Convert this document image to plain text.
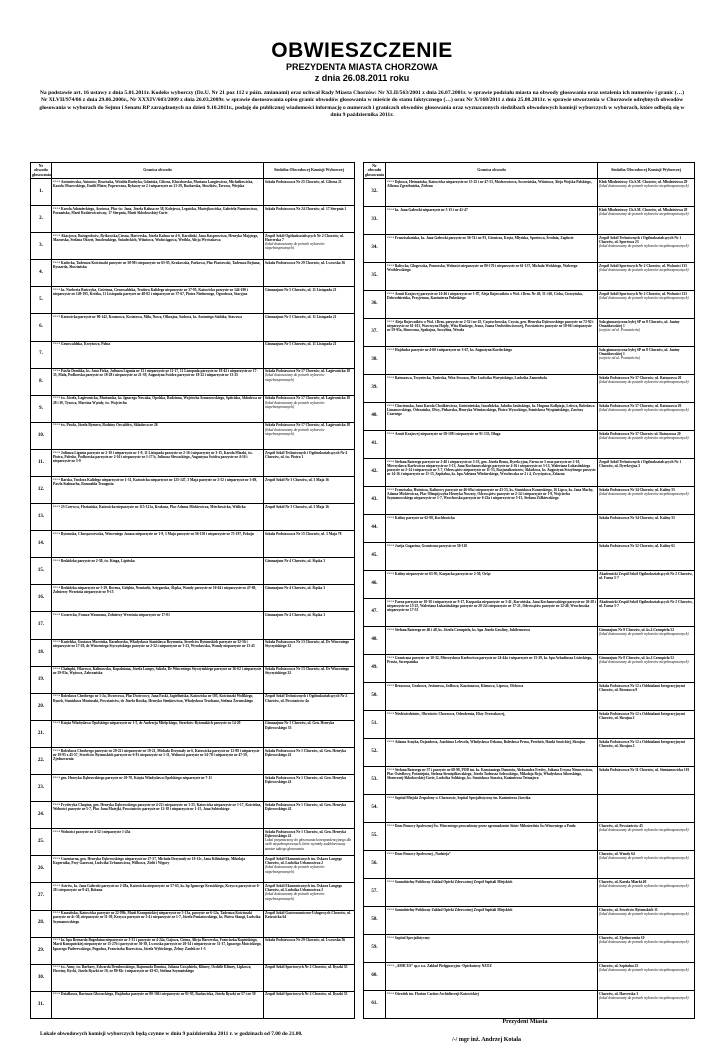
OBWIESZCZENIE
PREZYDENTA MIASTA CHORZOWA
z dnia 26.08.2011 roku
Na podstawie art. 16 ustawy z dnia 5.01.2011r. Kodeks wyborczy (Dz.U. Nr 21 poz 112 z późn. zmianami) oraz uchwał Rady Miasta Chorzów: Nr XLII/563/2001 z dnia 26.07.2001r. w sprawie podziału miasta na obwody głosowania oraz ustalenia ich numerów i granic (…) Nr XLVII/974/06 z dnia 29.06.2006r., Nr XXXIV/603/2009 z dnia 26.03.2009r. w sprawie dostosowania opisu granic obwodów głosowania w mieście do stanu faktycznego (…) oraz Nr X/168/2011 z dnia 25.08.2011r. w sprawie utworzenia w Chorzowie odrębnych obwodów głosowania w wyborach do Sejmu i Senatu RP zarządzonych na dzień 9.10.2011r., podaję do publicznej wiadomości informację o numerach i granicach obwodów głosowania oraz wyznaczonych siedzibach obwodowych komisji wyborczych w wyborach, które odbędą się w dniu 9 października 2011r.
Nr obwodu głosowania	Granica obwodu	Siedziba Obwodowej Komisji Wyborczej
1.	$^{UL/C4}$Antoniewska, Antonów, Braciszka, Witolda Budryka, Gdańska, Gliwna, Kluczborska, Mariana Langiewicza, Michałkowicka, Karola Olszewskiego, Emilii Plater, Poprzeczna, Rybaczy nr 2 i nieparzyste nr 21-29, Rozbarska, Słowików, Torowa, Wiejska	Szkoła Podstawowa Nr 25 Chorzów, ul. Gliwna 21

2.	$^{UL/C4}$Karola Adamieckiego, Azotowa, Plac św. Jana, Józefa Kalusa nr 38, Kolejowa, Legnicka, Maciejkowicka, Gabriela Narutowicza, Poznańska, Marii Rodziewiczówny, 17 Sierpnia, Marii Skłodowskiej-Curie	Szkoła Podstawowa Nr 24 Chorzów, ul. 17 Sierpnia 1

3.	$^{UL/C4}$Akacjowa, Bożogrobców, Bytkowska,Ciesna, Harcerska, Józefa Kalusa nr 4-6, Karolinki, Jana Kasprowicza, Henryka Majętego, Mazurska, Stefana Okrzei, Smolenskiego, Śniadeckich, Wiśniowa, Wodociągowa, Wróbla, Alicja Wyciszkowa	Zespół Szkół Ogólnokształcących Nr 2 Chorzów, ul. Harcerska 7
(lokal dostosowany do potrzeb wyborców niepełnosprawnych)

4.	$^{UL/C4}$Kadecka, Tadeusza Kościuszki parzyste nr 38-98 i nieparzyste nr 65-95, Krakowska, Parkowa, Plac Piastowski, Tadeusza Rejtana, Ryszarda, Słowiańska	Szkoła Podstawowa Nr 29 Chorzów, ul. Lwowska 36

5.	$^{UL/C4}$ks. Norberta Bończyka, Gościnna, Grunwaldzka, Teodora Kalidego nieparzyste nr 37-95, Katowicka parzyste nr 144-190 i nieparzyste nr 149-195, Krótka, 11 Listopada parzyste nr 48-82 i nieparzyste nr 37-67, Piotra Niedurnego, Ogrodowa, Stacyjna	Gimnazjum Nr 5 Chorzów, ul. 11 Listopada 21

6.	$^{UL/C4}$Katowicka parzyste nr 90-142, Krasnowa, Kwiatowa, Mila, Nowa, Olkrajna, Sadowa, ks. Antoniego Stabika, Stawowa	Gimnazjum Nr 5 Chorzów, ul. 11 Listopada 21

7.	$^{UL/C4}$Grunwaldzka, Krzyżowa, Polna	Gimnazjum Nr 5 Chorzów, ul. 11 Listopada 21

8.	$^{UL/C4}$Pawła Dombka, ks. Jana Ficka, Juliusza Ligonia nr 12 i nieparzyste nr 11-17, 11 Listopada parzyste nr 18-42 i nieparzyste nr 17-35, Mała, Podhorska parzyste nr 18-28 i nieparzyste nr 21-39, Augustyna Świdra parzyste nr 18-22 i nieparzyste nr 13-25	Szkoła Podstawowa Nr 17 Chorzów, ul. Łagiewnicka 18
(lokal dostosowany do potrzeb wyborców niepełnosprawnych)

9.	$^{UL/C4}$św. Józefa, Łagiewnicka, Marianska, ks. Ignacego Nowaka, Opolska, Rodzinna, Wojciecha Szmarowskiego, Spiściska, Skłodowa nr 28 i 30, Tyzowa, Marcina Wątuły, św. Wojciecha	Szkoła Podstawowa Nr 17 Chorzów, ul. Łagiewnicka 18
(lokal dostosowany do potrzeb wyborców niepełnosprawnych)

10.	$^{UL/C4}$św. Pawła, Józefa Rymera, Rodziny Oswaldów, Składowa nr 26	Szkoła Podstawowa Nr 17 Chorzów, ul. Łagiewnicka 18
(lokal dostosowany do potrzeb wyborców niepełnosprawnych)

11.	$^{UL/C4}$Juliusza Ligonia parzyste nr 2-10 i nieparzyste nr 1-9, 11 Listopada parzyste nr 2-16 i nieparzyste nr 3-15, Karola Miarki, św. Piotra, Polesko, Podhorska parzyste nr 2-16 i nieparzyste nr 1-17 b, Juliusza Słowackiego, Augustyna Świdra parzyste nr 4-16 i nieparzyste nr 3-9	Zespół Szkół Technicznych i Ogólnokształcących Nr 4 Chorzów, ul. św. Piotra 1

12.	$^{UL/C4}$Barska, Teodora Kalidego nieparzyste nr 1-31, Katowicka nieparzyste nr 125-147, 3 Maja parzyste nr 2-52 i nieparzyste nr 3-69, Pawła Stalmacha, Romualda Traugutta	Zespół Szkół Nr 3 Chorzów, ul. 3 Maja 16

13.	$^{UL/C4}$23 Czerwca, Floriańska, Katowicka nieparzyste nr 115-121a, Krakusa, Plac Adama Mickiewicza, Miechowicka, Wiślicka	Zespół Szkół Nr 3 Chorzów, ul. 3 Maja 16

14.	$^{UL/C4}$Bytomska, Chrząszczewska, Wincentego Janasa nieparzyste nr 1-9, 3 Maja parzyste nr 56-158 i nieparzyste nr 75-197, Pokoju	Szkoła Podstawowa Nr 15 Chorzów, ul. 3 Maja 78

15.	$^{UL/C4}$Beskidzka parzyste nr 2-38, św. Kinga, Lipińska	Gimnazjum Nr 4 Chorzów, ul. Śląska 3

16.	$^{UL/C4}$Beskidzka nieparzyste nr 5-29, Bocena, Gołębia, Nomiarki, Sztygarska, Śląska, Wandy parzyste nr 16-64 i nieparzyste nr 47-69, Żołnierzy Września nieparzyste nr 9-15	Gimnazjum Nr 4 Chorzów, ul. Śląska 3

17.	$^{UL/C4}$Gwarecka, Franza Waxmana, Żołnierzy Września nieparzyste nr 17-81	Gimnazjum Nr 4 Chorzów, ul. Śląska 3

18.	$^{UL/C4}$Kozielska, Gustawa Morcinka, Racиborska, Władysława Stanisława Reymonta, Strzelców Bytomskich parzyste nr 32-56 i nieparzyste nr 17-29, dr Wincentego Styczyńskiego parzyste nr 2-32 i nieparzyste nr 1-23, Wrocławska, Wandy nieparzyste nr 13-43	Szkoła Podstawowa Nr 13 Chorzów, ul. Dr Wincentego Styczyńskiego 32

19.	$^{UL/C4}$Chałupki, Filarowa, Kalinowska, Kopalniana, Józefa Lompy, Sokola, Dr Wincentego Styczyńskiego parzyste nr 36-62 i nieparzyste nr 29-83a, Wężowa, Zabrzańska	Szkoła Podstawowa Nr 13 Chorzów, ul. Dr Wincentego Styczyńskiego 32

20.	$^{UL/C4}$Bolesława Chrobrego nr 1-2a, Dworcowa, Plac Dwórcowy, Jana Faski, Jagiellońska, Katowicka nr 105, Kościuszki Wolfkiego, Rynek, Stanisława Moniuszki, Powstańców, dr Józefa Rostka, Henryka Sienkiewicza, Władysława Truchana, Stefana Żeromskiego	Zespół Szkół Technicznych i Ogólnokształcących Nr 2 Chorzów, ul. Powstańców 4a

21.	$^{UL/C4}$Księża Władysława Opolskiego nieparzyste nr 1-5, dr Andrzeja Mielęckiego, Strzelców Bytomskich parzyste nr 14-20	Gimnazjum Nr 1 Chorzów, ul. Gen. Henryka Dąbrowskiego 33

22.	$^{UL/C4}$Bolesława Chrobrego parzyste nr 20-22 i nieparzyste nr 19-21, Michała Drzymały nr 6, Katowicka parzyste nr 12-88 i nieparzyste nr 19-95 z 45-57, Strzelców Bytomskich parzyste nr 6-8 i nieparzyste nr 1-11, Wolności parzyste nr 54-78 i nieparzyste nr 47-59, Zjednoczenia	Szkoła Podstawowa Nr 1 Chorzów, ul. Gen. Henryka Dąbrowskiego 41

23.	$^{UL/C4}$gen. Henryka Dąbrowskiego parzyste nr 20-70, Księża Władysława Opolskiego nieparzyste nr 7-11	Szkoła Podstawowa Nr 1 Chorzów, ul. Gen. Henryka Dąbrowskiego 41

24.	$^{UL/C4}$Fryderyka Chopina, gen. Henryka Dąbrowskiego parzyste nr 4-22 i nieparzyste nr 1-25, Katowicka nieparzyste nr 1-17, Kościelna, Wolności parzyste nr 5-7, Plac Jana Matejki, Powstańców parzyste nr 12-18 i nieparzyste nr 1-15, Jana Sobieskiego	Szkoła Podstawowa Nr 1 Chorzów, ul. Gen. Henryka Dąbrowskiego 41

25.	$^{UL/C4}$Wolności parzyste nr 4-52 i nieparzyste 1-45a	Szkoła Podstawowa Nr 1 Chorzów, ul. Gen. Henryka Dąbrowskiego 41
Lokal przyznaczony do głosowania korespondencyjnego dla osób niepełnosprawnych, które wyraziły zadeklarowany zamiar takiego głosowania

26.	$^{UL/C4}$Cmentarna, gen. Henryka Dąbrowskiego nieparzyste nr 27-57, Michała Drzymały nr 10-12c, Jana Kilińskiego, Mikołaja Kopernika, Przy Gazowni, Ludwika Urbanowicza, Wilhowa, Zielii i Wigory	Zespół Szkół Ekonomicznych im. Oskara Langego Chorzów, ul. Ludwika Urbanowicza 2
(lokal dostosowany do potrzeb wyborców niepełnosprawnych)

27.	$^{UL/C4}$Astrów, ks. Jana Gałeczki parzyste nr 2-28a, Katowicka nieparzyste nr 57-65, ks. bp Ignacego Krasickiego, Krzywa parzyste nr 6-28 i nieparzyste nr 9-43, Różana	Zespół Szkół Ekonomicznych im. Oskara Langego Chorzów, ul. Ludwika Urbanowicza 2
(lokal dostosowany do potrzeb wyborców niepełnosprawnych)

28.	$^{UL/C4}$Kaszubska, Katowicka parzyste nr 22-80b, Marii Konopnickiej nieparzyste nr 5-13a, parzyste nr 6-12a, Tadeusza Kościuszki parzyste nr 4c-30, nieparzyste nr 11-39, Krzywa parzyste nr 2-4 i nieparzyste nr 1-7, Józefa Poniatowskiego, ks. Piotra Skargi, Ludwika Szymanowskiego	Zespół Szkół Gastronomiczno-Usługowych Chorzów, ul. Katowicka 64

29.	$^{UL/C4}$ks. bpa Bernarda Bogedaina nieparzyste nr 3-31 i parzyste nr 4-24a, Gajowa, Górna, Alicja Harcerska, Franciszka Kopińskiego, Marii Konopnickiej nieparzyste nr 15-27b i parzyste nr 30-38, Lwowska parzyste nr 20-34 i nieparzyste nr 31-37, Ignacego Mościckiego, Ignacego Paderewskiego, Pugodna, Franciszka Rozewicza, Józefa Wybickiego, Żelmy Zaulek nr 1-3	Szkoła Podstawowa Nr 29 Chorzów, ul. Lwowska 36

30.	$^{UL/C4}$św. Anny, św. Barbary, Edwarda Dembowskiego, Rajmunda Domina, Juliana Grządziela, Klimey, Ozdolle Klimey, Lipkowa, Hoceiny, Rycki, Józefa Ryszki nr 10, nr 80-82c i nieparzyste nr 63-65, Stefana Szymańskiego	Zespół Szkół Sportowych Nr 2 Chorzów, ul. Ryszki 55

31.	$^{UL/C4}$Działkowa, Bartosza Głowackiego, Hajducka parzyste nr 80-104 i nieparzyste nr 91-95, Racławicka, Józefa Ryszki nr 57 i nr 59	Zespół Szkół Sportowych Nr 2 Chorzów, ul. Ryszki 55
Nr obwodu głosowania	Granica obwodu	Siedziba Obwodowej Komisji Wyborczej
32.	$^{UL/C4}$Dębowa, Hetmańska, Katowicka nieparzyste nr 15-25 i nr 47-53, Modrzewiowa, Szczecińska, Wiśniowa, Aleja Wojska Polskiego, Alfonsa Zgrzebnioka, Zielona	Klub Młodzieżowy Ch.S.M. Chorzów, ul. Młodzieżowa 29
(lokal dostosowany do potrzeb wyborców niepełnosprawnych)

33.	$^{UL/C4}$ks. Jana Gałeczki nieparzyste nr 5-15 i nr 41-47	Klub Młodzieżowy Ch.S.M. Chorzów, ul. Młodzieżowa 29
(lokal dostosowany do potrzeb wyborców niepełnosprawnych)

34.	$^{UL/C4}$Franciszkańska, ks. Jana Gałeczki parzyste nr 36-74 i nr 93, Górnicza, Kręta, Młyńska, Sportowa, Środnia, Zapłocie	Zespół Szkół Technicznych i Ogólnokształcących Nr 1 Chorzów, ul. Sportowa 23
(lokal dostosowany do potrzeb wyborców niepełnosprawnych)

35.	$^{UL/C4}$Baltycka, Głogowska, Pomorska, Wolności nieparzyste nr 80-176 i nieparzyste nr 61-137, Michała Wolskiego, Walerego Wróblewskiego	Zespół Szkół Sportowych Nr 2 Chorzów, ul. Wolności 133
(lokal dostosowany do potrzeb wyborców niepełnosprawnych)

36.	$^{UL/C4}$Armii Krajowej parzyste nr 16-46 i nieparzyste nr 1-87, Aleja Bojowników o Wol. i Dem. Nr 49, 51 i 60, Cicha, Cieszyńska, Dobrodzieńska, Przyjemna, Kazimierza Pułaskiego	Zespół Szkół Sportowych Nr 2 Chorzów, ul. Wolności 133
(lokal dostosowany do potrzeb wyborców niepełnosprawnych)

37.	$^{UL/C4}$Aleja Bojowników o Wol. i Dem. parzyste nr 2-52 i nr 45, Częstochowska, Czysta, gen. Henryka Dąbrowskiego parzyste nr 72-92 i nieparzyste nr 61-101, Wawrzyna Hajdy, Wita Hankego, Jesna, Juana Ondwidowiczowej, Powstańców parzyste nr 50-66 i nieparzyste nr 59-95a, Słoneczna, Spokojna, Szczylina, Wesoła	Sala gimnastyczna byłej SP nr 8 Chorzów, ul. Janiny Omańkowskiej 1
(wejście od ul. Powstańców)

38.	$^{UL/C4}$Hajducka parzyste nr 4-60 i nieparzyste nr 3-67, ks. Augustyna Kordeckiego	Sala gimnastyczna byłej SP nr 8 Chorzów, ul. Janiny Omańkowskiej 1
(wejście od ul. Powstańców)

39.	$^{UL/C4}$Ratuszowa, Trzyniecka, Tyniecka, Wita Stwosza, Plac Ludwika Waryńskiego, Ludwika Zamenhofa	Szkoła Podstawowa Nr 37 Chorzów, ul. Ratuszowa 20
(lokal dostosowany do potrzeb wyborców niepełnosprawnych)

40.	$^{UL/C4}$Chociemska, Jana Karola Chodkiewicza, Gnieźnieńska, Inwalidzka, Jakuba Jasińskiego, ks. Hugona Kołłątaja, Lelewa, Bolesława Limanowskiego, Odrzańska, Olwy, Piekarska, Henryka Wieniawskiego, Piotra Wysockiego, Stanisława Wyspiańskiego, Zawiszy Czarnego	Szkoła Podstawowa Nr 37 Chorzów, ul. Ratuszowa 20
(lokal dostosowany do potrzeb wyborców niepełnosprawnych)

41.	$^{UL/C4}$Armii Krajowej nieparzyste nr 58-108 i nieparzyste nr 91-153, Długa	Szkoła Podstawowa Nr 37 Chorzów ul. Ratuszowa 20
(lokal dostosowany do potrzeb wyborców niepełnosprawnych)

42.	$^{UL/C4}$Stefana Batorego parzyste nr 2-40 i nieparzyste nr 3-33, gen. Józefa Bema, Dyrekcyjna, Farna nr 3 oraz parzyste nr 2-10, Mieczysława Karłowicza nieparzyste nr 3-13, Jana Kochanowskiego parzyste nr 4-16 i nieparzyste nr 3-13, Waleriana Łukasińskiego parzyste nr 2-14 i nieparzyste nr 3-7, Odrowążów nieparzyste nr 11-53, Racjonalizatorów, Składowa, ks. Augustyna Strzybnego parzyste nr 14-16 i nieparzyste nr 11-15, Szpitalna, ks. bpa Adriana Włodarskiego, Wrocławska nr 2 i 4, Zwycięstwa, Żelazna	Zespół Szkół Technicznych i Ogólnokształcących Nr 1 Chorzów, ul. Dyrekcyjna 3

43.	$^{UL/C4}$Franciszka, Hutnicza, Kalinowy parzyste nr 46-60a i nieparzyste nr 43-53, ks. Stanisława Konarskiego, 16 Lipca, ks. Jana Machy, Adama Mickiewicza, Plac Olimpijczyka Henryka Nowary, Odrowążów parzyste nr 2-14 i nieparzyste nr 1-9, Wojciecha Szymanowskiego nieparzyste nr 1-7, Wrocławska parzyste nr 6-22a i nieparzyste nr 5-13, Stefana Żółkiewskiego	Szkoła Podstawowa Nr 34 Chorzów, ul. Kaliny 55
(lokal dostosowany do potrzeb wyborców niepełnosprawnych)

44.	$^{UL/C4}$Kaliny parzyste nr 62-98, Kochłowicka	Szkoła Podstawowa Nr 34 Chorzów, ul. Kaliny 55

45.	$^{UL/C4}$Jurija Gagarina, Graniczna parzyste nr 50-110	Szkoła Podstawowa Nr 32 Chorzów, ul. Kaliny 61

46.	$^{UL/C4}$Kaliny nieparzyste nr 63-95, Karpacka parzyste nr 2-50, Orląt	Akademicki Zespół Szkół Ogólnokształcących Nr 2 Chorzów, ul. Farna 5-7

47.	$^{UL/C4}$Farna parzyste nr 18-30 i nieparzyste nr 9-17, Karpacka nieparzyste nr 3-41, Karwińska, Jana Kochanowskiego parzyste nr 26-28 i nieparzyste nr 15-25, Walerianа Łukasińskiego parzyste nr 20-24 i nieparzyste nr 17-21, Odrowążów parzyste nr 12-40, Wrocławska nieparzyste nr 17-53	Akademicki Zespół Szkół Ogólnokształcących Nr 2 Chorzów, ul. Farna 5-7

48.	$^{UL/C4}$Stefana Batorego nr 46 i 48, ks. Józefa Czempiela, ks. bpa Józefa Gawliny, Jubileuszowa	Gimnazjum Nr 8 Chorzów, ul. ks.J.Czempiela 52
(lokal dostosowany do potrzeb wyborców niepełnosprawnych)

49.	$^{UL/C4}$Graniczna parzyste nr 10-32, Mieczysława Karłowicza parzyste nr 24-44a i nieparzyste nr 15-29, ks. bpa Arkadiusza Lisieckiego, Prosta, Szczepańska	Gimnazjum Nr 8 Chorzów, ul. ks.J.Czempiela 52
(lokal dostosowany do potrzeb wyborców niepełnosprawnych)

50.	$^{UL/C4}$Brzozowa, Grabowa, Jesionowa, Jodłowa, Kasztanowa, Klonowa, Lipowa, Olchowa	Szkoła Podstawowa Nr 12 z Oddziałami Integracyjnymi Chorzów, ul. Brzozowa 9

51.	$^{UL/C4}$Niedźwiedziniec, Obrońców Chorzowa, Odrodzenia, Elizy Orzeszkowej,	Szkoła Podstawowa Nr 12 z Oddziałami Integracyjnymi Chorzów, ul. Skrajna 2

52.	$^{UL/C4}$Adama Asnyka, Dojazdowa, Joachima Lelewela, Władysława Orkana, Bolesława Prusa, Przelotń, Hanki Sawickiej, Skrajna	Szkoła Podstawowa Nr 12 z Oddziałami Integracyjnymi Chorzów, ul. Skrajna 2

53.	$^{UL/C4}$Stefana Batorego nr 37 i parzyste nr 68-98, POD im. ks. Konstantego Damrota, Aleksandra Fredry, Juliana Ursyna Niemcewicza, Plac Osiedlowy, Pośmiejnia, Stefana Siemiędkowskiego, Józefa Tadeusza Sołowskiego, Mikołaja Reja, Władysława Sikorskiego, Słonecznej Skłodowskiej-Curie, Ludwika Solskiego, ks. Stanisława Staszica, Kazimierza Tetmajera	Szkoła Podstawowa Nr 11 Chorzów, ul. Siemianowicka 101

54.	$^{UL/C4}$Szpital Miejski Zespolony w Chorzowie, Szpital Specjalistyczny im. Kazimierza Józwika	

55.	$^{UL/C4}$Dom Pomocy Społecznej Św. Wincentego prowadzony przez zgromadzenie Sióstr Miłosierdzia Św.Wincentego a Paulo	Chorzów, ul. Powstańców 45
(lokal dostosowany do potrzeb wyborców niepełnosprawnych)

56.	$^{UL/C4}$Dom Pomocy Społecznej „Nadzieja”	Chorzów, ul. Wandy 64
(lokal dostosowany do potrzeb wyborców niepełnosprawnych)

57.	$^{UL/C4}$Samodzielny Publiczny Zakład Opieki Zdrowotnej Zespół Szpitali Miejskich	Chorzów, ul. Karola Miarki 40
(lokal dostosowany do potrzeb wyborców niepełnosprawnych)

58.	$^{UL/C4}$Samodzielny Publiczny Zakład Opieki Zdrowotnej Zespół Szpitali Miejskich	Chorzów, ul. Strzelców Bytomskich 11
(lokal dostosowany do potrzeb wyborców niepełnosprawnych)

59.	$^{UL/C4}$Szpital Specjalistyczny	Chorzów, ul. Zjednoczenia 10
(lokal dostosowany do potrzeb wyborców niepełnosprawnych)

60.	$^{UL/C4}$„AMICUS” sp.z o.o. Zakład Pielęgnacyjno -Opiekuńczy NZOZ	Chorzów, ul. Szpitalna 25
(lokal dostosowany do potrzeb wyborców niepełnosprawnych)

61.	$^{UL/C4}$Ośrodek im. Florian Caritas Archidiecezji Katowickiej	Chorzów, ul. Harcerska 3
(lokal dostosowany do potrzeb wyborców niepełnosprawnych)
Lokale obwodowych komisji wyborczych będą czynne w dniu 9 października 2011 r. w godzinach od 7.00 do 21.00.
Prezydent Miasta
/-/ mgr inż. Andrzej Kotala
